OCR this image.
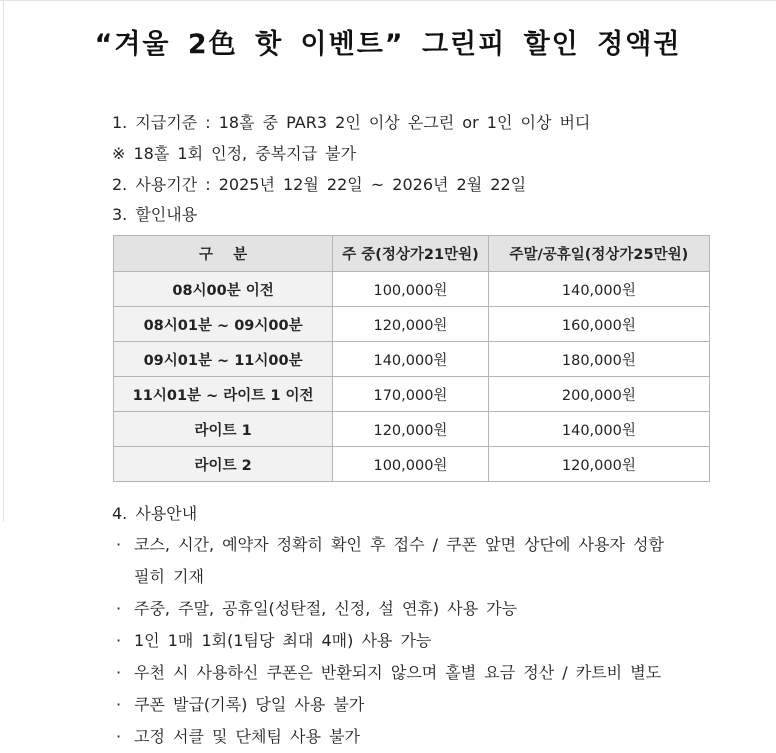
“겨울 2色 핫 이벤트” 그린피 할인 정액권
1. 지급기준 : 18홀 중 PAR3 2인 이상 온그린 or 1인 이상 버디
※ 18홀 1회 인정, 중복지급 불가
2. 사용기간 : 2025년 12월 22일 ~ 2026년 2월 22일
3. 할인내용
구    분	주 중(정상가21만원)	주말/공휴일(정상가25만원)
08시00분 이전	100,000원	140,000원
08시01분 ~ 09시00분	120,000원	160,000원
09시01분 ~ 11시00분	140,000원	180,000원
11시01분 ~ 라이트 1 이전	170,000원	200,000원
라이트 1	120,000원	140,000원
라이트 2	100,000원	120,000원
4. 사용안내
· 코스, 시간, 예약자 정확히 확인 후 접수 / 쿠폰 앞면 상단에 사용자 성함
필히 기재
· 주중, 주말, 공휴일(성탄절, 신정, 설 연휴) 사용 가능
· 1인 1매 1회(1팀당 최대 4매) 사용 가능
· 우천 시 사용하신 쿠폰은 반환되지 않으며 홀별 요금 정산 / 카트비 별도
· 쿠폰 발급(기록) 당일 사용 불가
· 고정 서클 및 단체팀 사용 불가
